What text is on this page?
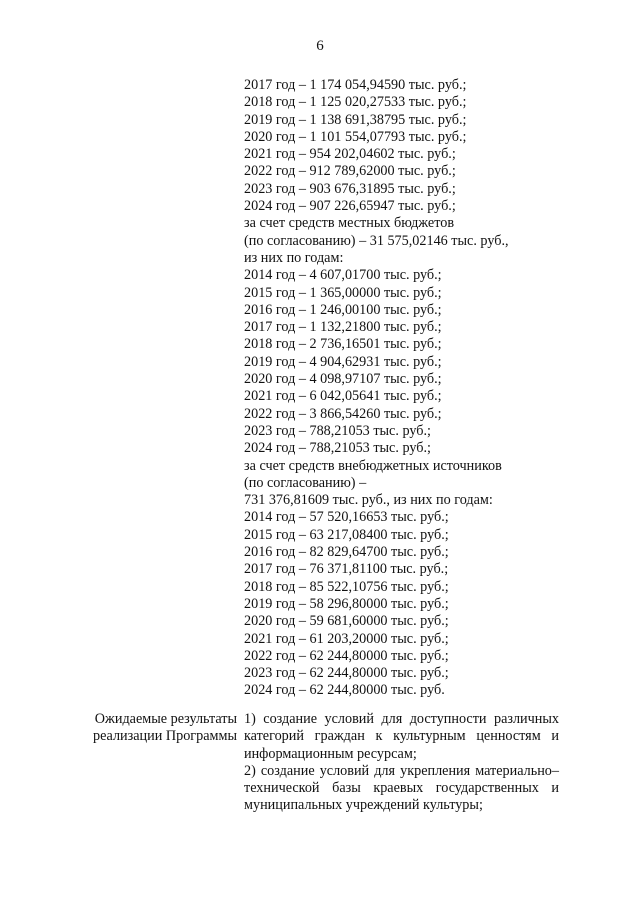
6
2017 год – 1 174 054,94590 тыс. руб.;
2018 год – 1 125 020,27533 тыс. руб.;
2019 год – 1 138 691,38795 тыс. руб.;
2020 год – 1 101 554,07793 тыс. руб.;
2021 год – 954 202,04602 тыс. руб.;
2022 год – 912 789,62000 тыс. руб.;
2023 год – 903 676,31895 тыс. руб.;
2024 год – 907 226,65947 тыс. руб.;
за счет средств местных бюджетов
(по согласованию) – 31 575,02146 тыс. руб.,
из них по годам:
2014 год – 4 607,01700 тыс. руб.;
2015 год – 1 365,00000 тыс. руб.;
2016 год – 1 246,00100 тыс. руб.;
2017 год – 1 132,21800 тыс. руб.;
2018 год – 2 736,16501 тыс. руб.;
2019 год – 4 904,62931 тыс. руб.;
2020 год – 4 098,97107 тыс. руб.;
2021 год – 6 042,05641 тыс. руб.;
2022 год – 3 866,54260 тыс. руб.;
2023 год – 788,21053 тыс. руб.;
2024 год – 788,21053 тыс. руб.;
за счет средств внебюджетных источников
(по согласованию) –
731 376,81609 тыс. руб., из них по годам:
2014 год – 57 520,16653 тыс. руб.;
2015 год – 63 217,08400 тыс. руб.;
2016 год – 82 829,64700 тыс. руб.;
2017 год – 76 371,81100 тыс. руб.;
2018 год – 85 522,10756 тыс. руб.;
2019 год – 58 296,80000 тыс. руб.;
2020 год – 59 681,60000 тыс. руб.;
2021 год – 61 203,20000 тыс. руб.;
2022 год – 62 244,80000 тыс. руб.;
2023 год – 62 244,80000 тыс. руб.;
2024 год – 62 244,80000 тыс. руб.
Ожидаемые результаты
реализации Программы
1) создание условий для доступности различных категорий граждан к культурным ценностям и информационным ресурсам;
2) создание условий для укрепления материально–технической базы краевых государственных и муниципальных учреждений культуры;
